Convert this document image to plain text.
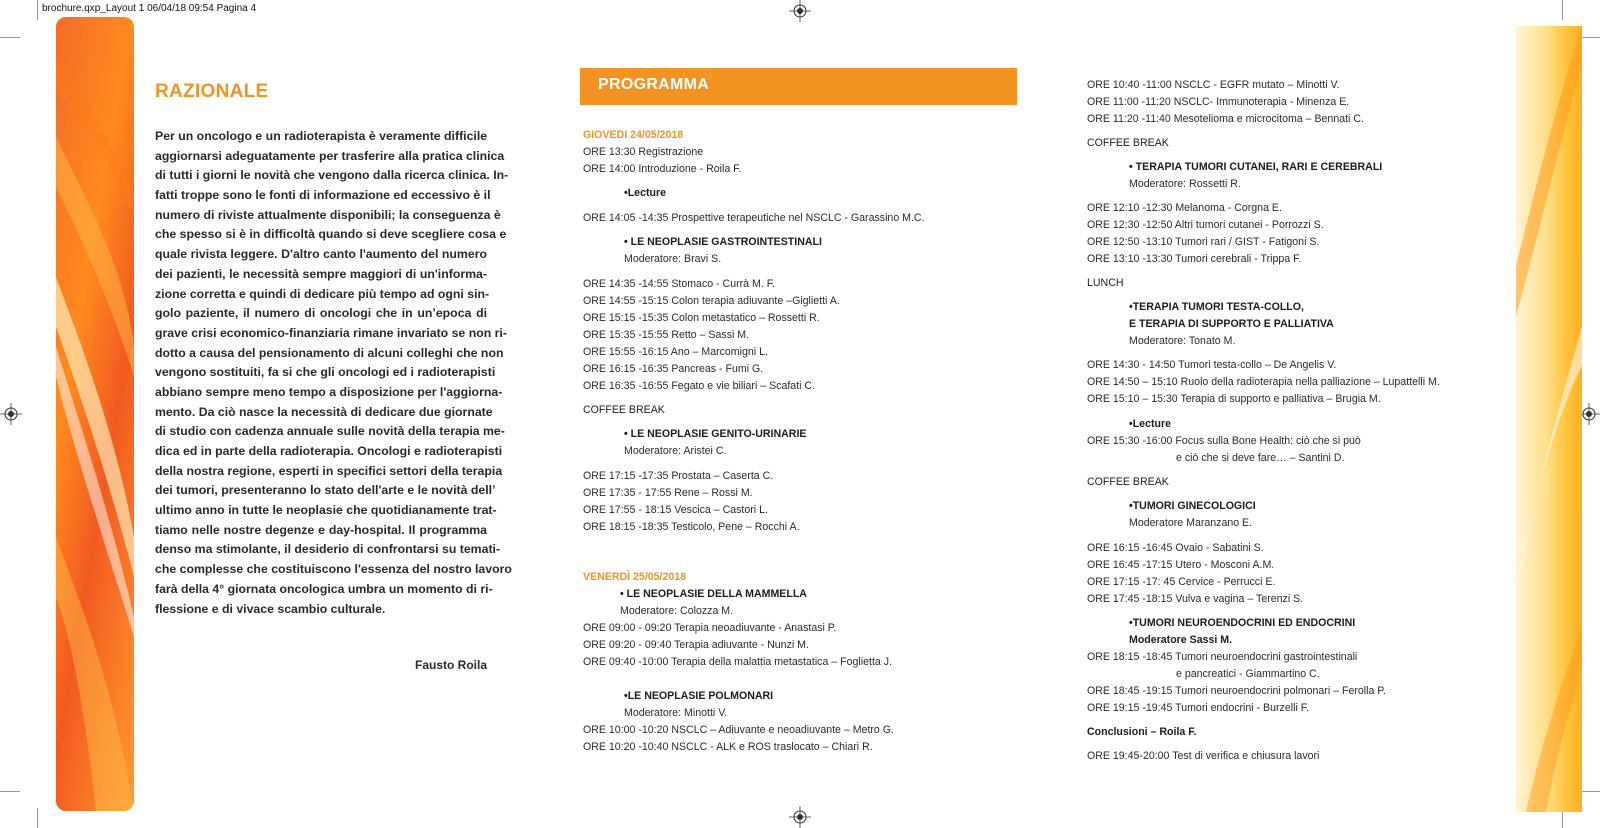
brochure.qxp_Layout 1 06/04/18 09:54 Pagina 4
RAZIONALE
Per un oncologo e un radioterapista è veramente difficile
aggiornarsi adeguatamente per trasferire alla pratica clinica
di tutti i giorni le novità che vengono dalla ricerca clinica. In-
fatti troppe sono le fonti di informazione ed eccessivo è il
numero di riviste attualmente disponibili; la conseguenza è
che spesso si è in difficoltà quando si deve scegliere cosa e
quale rivista leggere. D'altro canto l'aumento del numero
dei pazienti, le necessità sempre maggiori di un'informa-
zione corretta e quindi di dedicare più tempo ad ogni sin-
golo paziente, il numero di oncologi che in un’epoca di
grave crisi economico-finanziaria rimane invariato se non ri-
dotto a causa del pensionamento di alcuni colleghi che non
vengono sostituiti, fa si che gli oncologi ed i radioterapisti
abbiano sempre meno tempo a disposizione per l'aggiorna-
mento. Da ciò nasce la necessità di dedicare due giornate
di studio con cadenza annuale sulle novità della terapia me-
dica ed in parte della radioterapia. Oncologi e radioterapisti
della nostra regione, esperti in specifici settori della terapia
dei tumori, presenteranno lo stato dell'arte e le novità dell’
ultimo anno in tutte le neoplasie che quotidianamente trat-
tiamo nelle nostre degenze e day-hospital. Il programma
denso ma stimolante, il desiderio di confrontarsi su temati-
che complesse che costituiscono l'essenza del nostro lavoro
farà della 4° giornata oncologica umbra un momento di ri-
flessione e di vivace scambio culturale.
Fausto Roila
PROGRAMMA
GIOVEDI 24/05/2018
ORE 13:30 Registrazione
ORE 14:00 Introduzione - Roila F.
•Lecture
ORE 14:05 -14:35 Prospettive terapeutiche nel NSCLC - Garassino M.C.
• LE NEOPLASIE GASTROINTESTINALI
Moderatore: Bravi S.
ORE 14:35 -14:55 Stomaco - Currà M. F.
ORE 14:55 -15:15 Colon terapia adiuvante –Giglietti A.
ORE 15:15 -15:35 Colon metastatico – Rossetti R.
ORE 15:35 -15:55 Retto – Sassi M.
ORE 15:55 -16:15 Ano – Marcomigni L.
ORE 16:15 -16:35 Pancreas - Fumi G.
ORE 16:35 -16:55 Fegato e vie biliari – Scafati C.
COFFEE BREAK
• LE NEOPLASIE GENITO-URINARIE
Moderatore: Aristei C.
ORE 17:15 -17:35 Prostata – Caserta C.
ORE 17:35 - 17:55 Rene – Rossi M.
ORE 17:55 - 18:15 Vescica – Castori L.
ORE 18:15 -18:35 Testicolo, Pene – Rocchi A.
VENERDÌ 25/05/2018
• LE NEOPLASIE DELLA MAMMELLA
Moderatore: Colozza M.
ORE 09:00 - 09:20 Terapia neoadiuvante - Anastasi P.
ORE 09:20 - 09:40 Terapia adiuvante - Nunzi M.
ORE 09:40 -10:00 Terapia della malattia metastatica – Foglietta J.
•LE NEOPLASIE POLMONARI
Moderatore: Minotti V.
ORE 10:00 -10:20 NSCLC – Adiuvante e neoadiuvante – Metro G.
ORE 10:20 -10:40 NSCLC - ALK e ROS traslocato – Chiari R.
ORE 10:40 -11:00 NSCLC - EGFR mutato – Minotti V.
ORE 11:00 -11:20 NSCLC- Immunoterapia - Minenza E.
ORE 11:20 -11:40 Mesotelioma e microcitoma – Bennati C.
COFFEE BREAK
• TERAPIA TUMORI CUTANEI, RARI E CEREBRALI
Moderatore: Rossetti R.
ORE 12:10 -12:30 Melanoma - Corgna E.
ORE 12:30 -12:50 Altri tumori cutanei - Porrozzi S.
ORE 12:50 -13:10 Tumori rari / GIST - Fatigoni S.
ORE 13:10 -13:30 Tumori cerebrali - Trippa F.
LUNCH
•TERAPIA TUMORI TESTA-COLLO,
E TERAPIA DI SUPPORTO E PALLIATIVA
Moderatore: Tonato M.
ORE 14:30 - 14:50 Tumori testa-collo – De Angelis V.
ORE 14:50 – 15:10 Ruolo della radioterapia nella palliazione – Lupattelli M.
ORE 15:10 – 15:30 Terapia di supporto e palliativa – Brugia M.
•Lecture
ORE 15:30 -16:00 Focus sulla Bone Health: ciò che si può
e ciò che si deve fare… – Santini D.
COFFEE BREAK
•TUMORI GINECOLOGICI
Moderatore Maranzano E.
ORE 16:15 -16:45 Ovaio - Sabatini S.
ORE 16:45 -17:15 Utero - Mosconi A.M.
ORE 17:15 -17: 45 Cervice - Perrucci E.
ORE 17:45 -18:15 Vulva e vagina – Terenzi S.
•TUMORI NEUROENDOCRINI ED ENDOCRINI
Moderatore Sassi M.
ORE 18:15 -18:45 Tumori neuroendocrini gastrointestinali
e pancreatici - Giammartino C.
ORE 18:45 -19:15 Tumori neuroendocrini polmonari – Ferolla P.
ORE 19:15 -19:45 Tumori endocrini - Burzelli F.
Conclusioni – Roila F.
ORE 19:45-20:00 Test di verifica e chiusura lavori
